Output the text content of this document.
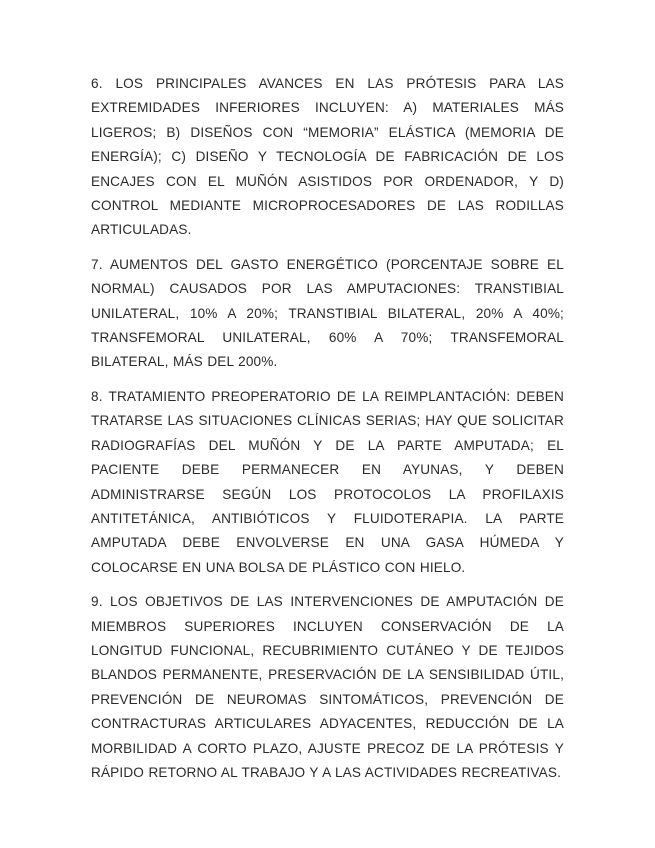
6. LOS PRINCIPALES AVANCES EN LAS PRÓTESIS PARA LAS EXTREMIDADES INFERIORES INCLUYEN: A) MATERIALES MÁS LIGEROS; B) DISEÑOS CON “MEMORIA” ELÁSTICA (MEMORIA DE ENERGÍA); C) DISEÑO Y TECNOLOGÍA DE FABRICACIÓN DE LOS ENCAJES CON EL MUÑÓN ASISTIDOS POR ORDENADOR, Y D) CONTROL MEDIANTE MICROPROCESADORES DE LAS RODILLAS ARTICULADAS.

7. AUMENTOS DEL GASTO ENERGÉTICO (PORCENTAJE SOBRE EL NORMAL) CAUSADOS POR LAS AMPUTACIONES: TRANSTIBIAL UNILATERAL, 10% A 20%; TRANSTIBIAL BILATERAL, 20% A 40%; TRANSFEMORAL UNILATERAL, 60% A 70%; TRANSFEMORAL BILATERAL, MÁS DEL 200%.

8. TRATAMIENTO PREOPERATORIO DE LA REIMPLANTACIÓN: DEBEN TRATARSE LAS SITUACIONES CLÍNICAS SERIAS; HAY QUE SOLICITAR RADIOGRAFÍAS DEL MUÑÓN Y DE LA PARTE AMPUTADA; EL PACIENTE DEBE PERMANECER EN AYUNAS, Y DEBEN ADMINISTRARSE SEGÚN LOS PROTOCOLOS LA PROFILAXIS ANTITETÁNICA, ANTIBIÓTICOS Y FLUIDOTERAPIA. LA PARTE AMPUTADA DEBE ENVOLVERSE EN UNA GASA HÚMEDA Y COLOCARSE EN UNA BOLSA DE PLÁSTICO CON HIELO.

9. LOS OBJETIVOS DE LAS INTERVENCIONES DE AMPUTACIÓN DE MIEMBROS SUPERIORES INCLUYEN CONSERVACIÓN DE LA LONGITUD FUNCIONAL, RECUBRIMIENTO CUTÁNEO Y DE TEJIDOS BLANDOS PERMANENTE, PRESERVACIÓN DE LA SENSIBILIDAD ÚTIL, PREVENCIÓN DE NEUROMAS SINTOMÁTICOS, PREVENCIÓN DE CONTRACTURAS ARTICULARES ADYACENTES, REDUCCIÓN DE LA MORBILIDAD A CORTO PLAZO, AJUSTE PRECOZ DE LA PRÓTESIS Y RÁPIDO RETORNO AL TRABAJO Y A LAS ACTIVIDADES RECREATIVAS.
